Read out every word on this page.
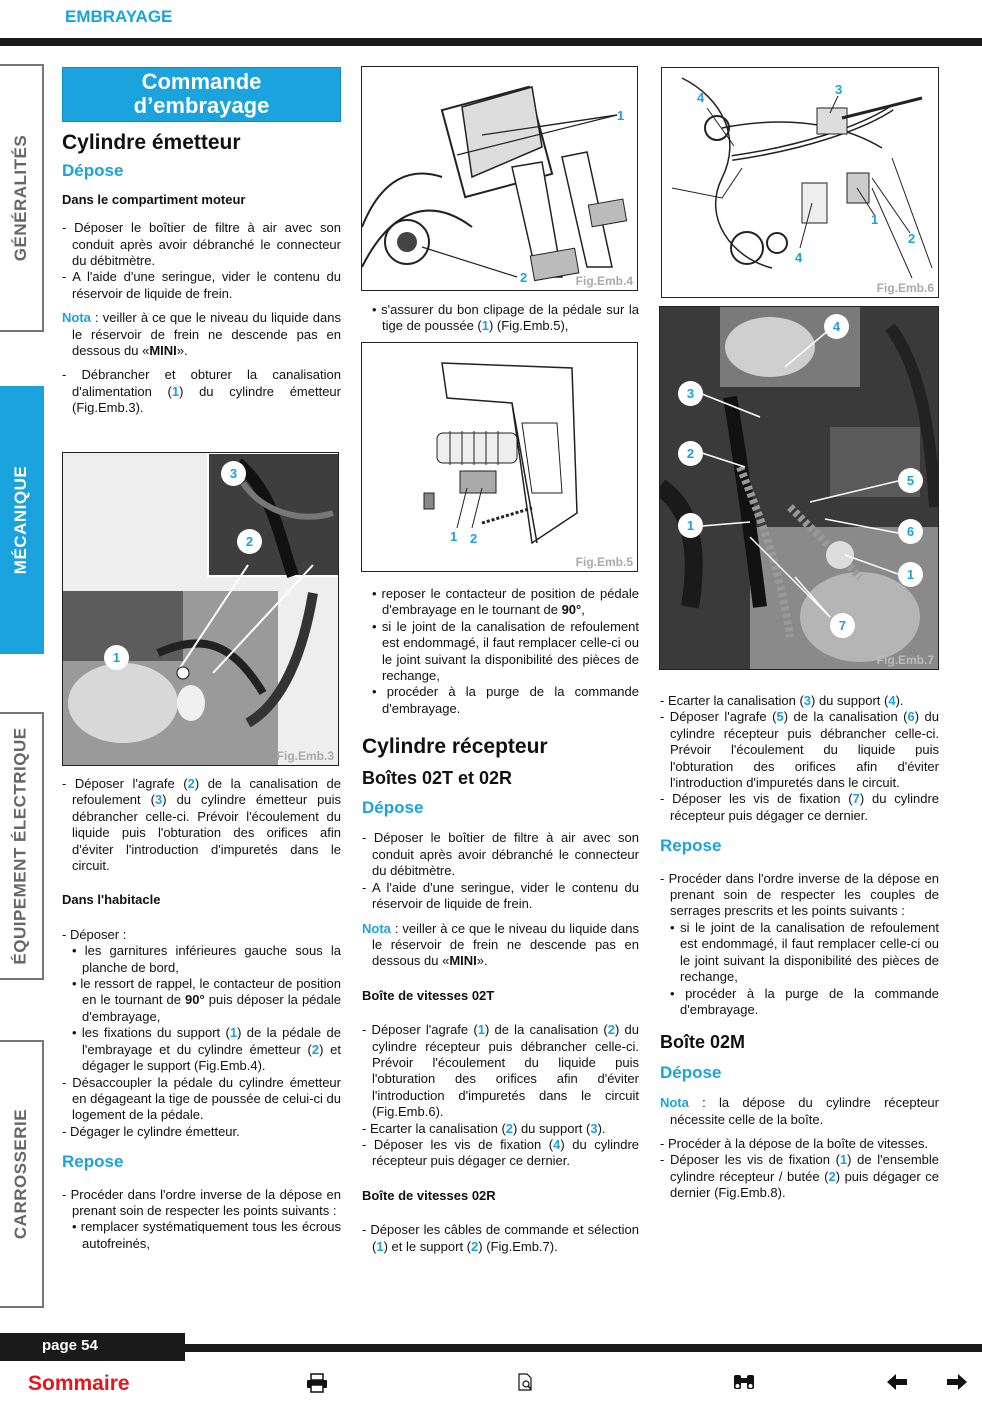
EMBRAYAGE
GÉNÉRALITÉS
MÉCANIQUE
ÉQUIPEMENT ÉLECTRIQUE
CARROSSERIE
Commande
d’embrayage
Cylindre émetteur
Dépose
Dans le compartiment moteur

- Déposer le boîtier de filtre à air avec son conduit après avoir débranché le connecteur du débitmètre.

- A l'aide d'une seringue, vider le contenu du réservoir de liquide de frein.

Nota : veiller à ce que le niveau du liquide dans le réservoir de frein ne descende pas en dessous du «MINI».

- Débrancher et obturer la canalisation d'alimentation (1) du cylindre émetteur (Fig.Emb.3).

3
2
1
Fig.Emb.3

- Déposer l'agrafe (2) de la canalisation de refoulement (3) du cylindre émetteur puis débrancher celle-ci. Prévoir l'écoulement du liquide puis l'obturation des orifices afin d'éviter l'introduction d'impuretés dans le circuit.

Dans l'habitacle

- Déposer :

• les garnitures inférieures gauche sous la planche de bord,

• le ressort de rappel, le contacteur de position en le tournant de 90° puis déposer la pédale d'embrayage,

• les fixations du support (1) de la pédale de l'embrayage et du cylindre émetteur (2) et dégager le support (Fig.Emb.4).

- Désaccoupler la pédale du cylindre émetteur en dégageant la tige de poussée de celui-ci du logement de la pédale.

- Dégager le cylindre émetteur.

Repose

- Procéder dans l'ordre inverse de la dépose en prenant soin de respecter les points suivants :

• remplacer systématiquement tous les écrous autofreinés,

1
2	Fig.Emb.4

• s'assurer du bon clipage de la pédale sur la tige de poussée (1) (Fig.Emb.5),

1 2
Fig.Emb.5

• reposer le contacteur de position de pédale d'embrayage en le tournant de 90°,

• si le joint de la canalisation de refoulement est endommagé, il faut remplacer celle-ci ou le joint suivant la disponibilité des pièces de rechange,

• procéder à la purge de la commande d'embrayage.

Cylindre récepteur
Boîtes 02T et 02R
Dépose

- Déposer le boîtier de filtre à air avec son conduit après avoir débranché le connecteur du débitmètre.

- A l'aide d'une seringue, vider le contenu du réservoir de liquide de frein.

Nota : veiller à ce que le niveau du liquide dans le réservoir de frein ne descende pas en dessous du «MINI».

Boîte de vitesses 02T

- Déposer l'agrafe (1) de la canalisation (2) du cylindre récepteur puis débrancher celle-ci. Prévoir l'écoulement du liquide puis l'obturation des orifices afin d'éviter l'introduction d'impuretés dans le circuit (Fig.Emb.6).

- Ecarter la canalisation (2) du support (3).

- Déposer les vis de fixation (4) du cylindre récepteur puis dégager ce dernier.

Boîte de vitesses 02R

- Déposer les câbles de commande et sélection (1) et le support (2) (Fig.Emb.7).

4
3
1
2
4
Fig.Emb.6
4
3
2
1
5
6
1
7
Fig.Emb.7

- Ecarter la canalisation (3) du support (4).

- Déposer l'agrafe (5) de la canalisation (6) du cylindre récepteur puis débrancher celle-ci. Prévoir l'écoulement du liquide puis l'obturation des orifices afin d'éviter l'introduction d'impuretés dans le circuit.

- Déposer les vis de fixation (7) du cylindre récepteur puis dégager ce dernier.

Repose

- Procéder dans l'ordre inverse de la dépose en prenant soin de respecter les couples de serrages prescrits et les points suivants :

• si le joint de la canalisation de refoulement est endommagé, il faut remplacer celle-ci ou le joint suivant la disponibilité des pièces de rechange,

• procéder à la purge de la commande d'embrayage.

Boîte 02M
Dépose

Nota : la dépose du cylindre récepteur nécessite celle de la boîte.

- Procéder à la dépose de la boîte de vitesses.

- Déposer les vis de fixation (1) de l'ensemble cylindre récepteur / butée (2) puis dégager ce dernier (Fig.Emb.8).

page 54
Sommaire
